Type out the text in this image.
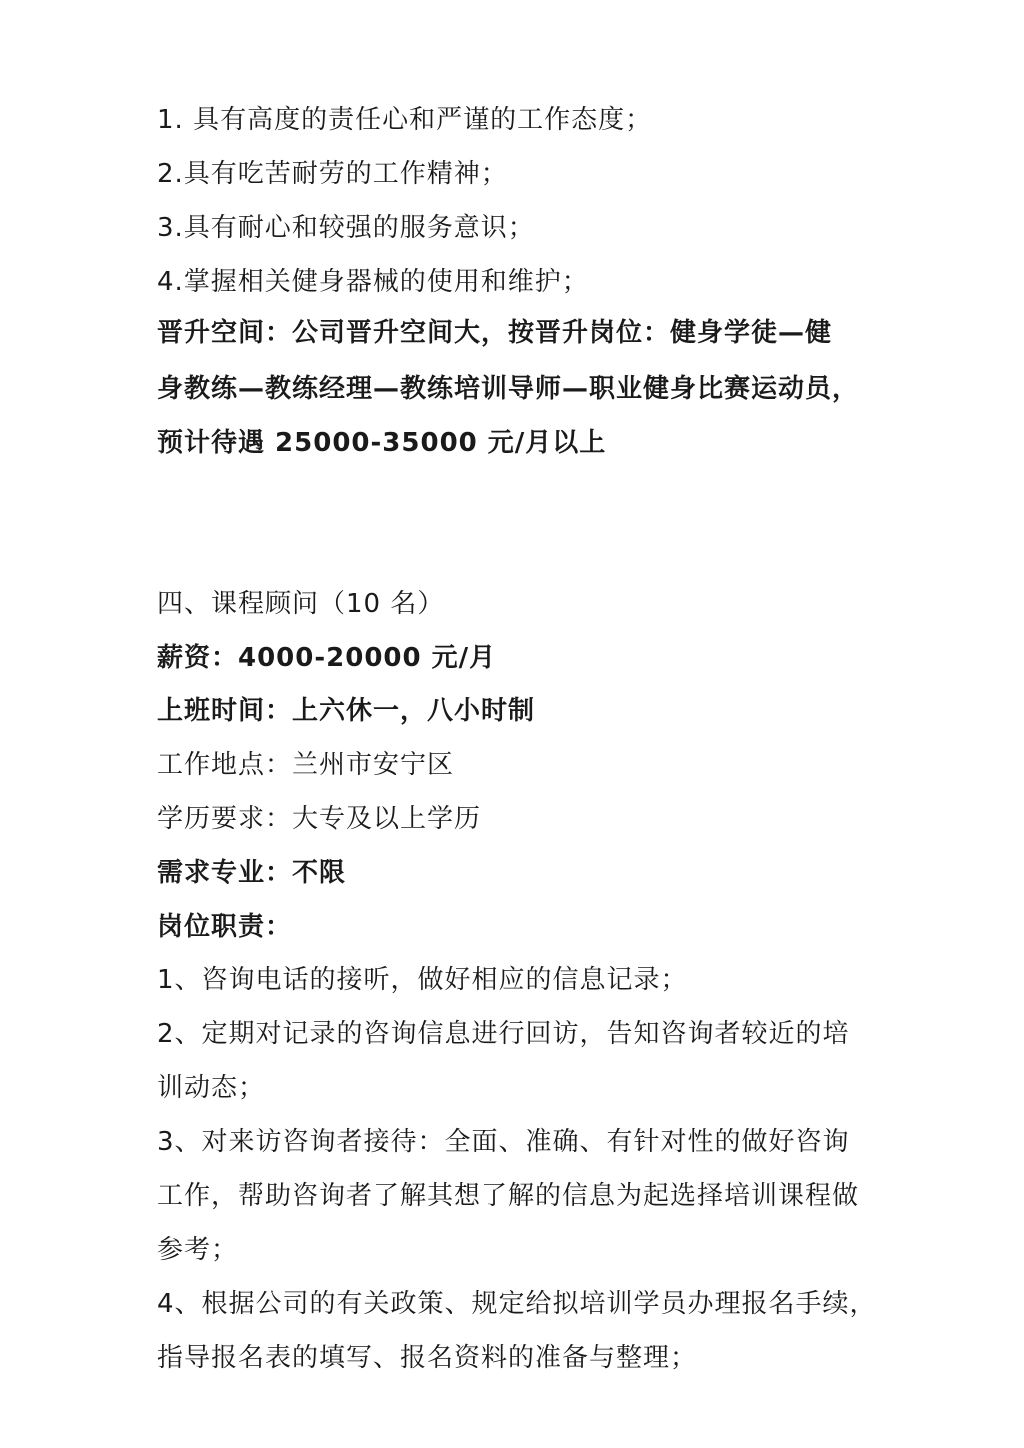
1. 具有高度的责任心和严谨的工作态度；
2.具有吃苦耐劳的工作精神；
3.具有耐心和较强的服务意识；
4.掌握相关健身器械的使用和维护；
晋升空间：公司晋升空间大，按晋升岗位：健身学徒—健
身教练—教练经理—教练培训导师—职业健身比赛运动员，
预计待遇 25000-35000 元/月以上
四、课程顾问（10 名）
薪资：4000-20000 元/月
上班时间：上六休一，八小时制
工作地点：兰州市安宁区
学历要求：大专及以上学历
需求专业：不限
岗位职责：
1、咨询电话的接听，做好相应的信息记录；
2、定期对记录的咨询信息进行回访，告知咨询者较近的培
训动态；
3、对来访咨询者接待：全面、准确、有针对性的做好咨询
工作，帮助咨询者了解其想了解的信息为起选择培训课程做
参考；
4、根据公司的有关政策、规定给拟培训学员办理报名手续，
指导报名表的填写、报名资料的准备与整理；
